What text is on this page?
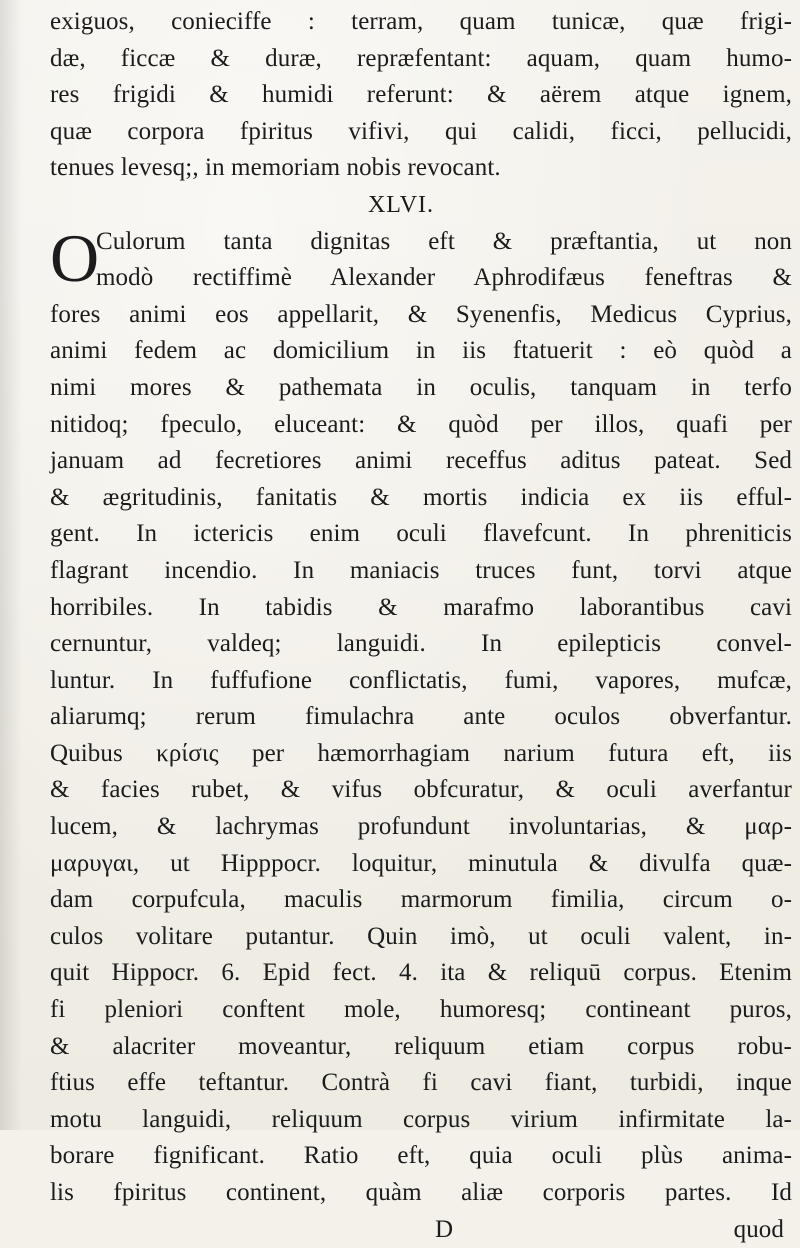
exiguos, conieciffe : terram, quam tunicæ, quæ frigi-
dæ, ficcæ & duræ, repræfentant: aquam, quam humo-
res frigidi & humidi referunt: & aërem atque ignem,
quæ corpora fpiritus vifivi, qui calidi, ficci, pellucidi,
tenues levesq;, in memoriam nobis revocant.
XLVI.
O
Culorum tanta dignitas eft & præftantia, ut non
modò rectiffimè Alexander Aphrodifæus feneftras &
fores animi eos appellarit, & Syenenfis, Medicus Cyprius,
animi fedem ac domicilium in iis ftatuerit : eò quòd a
nimi mores & pathemata in oculis, tanquam in terfo
nitidoq; fpeculo, eluceant: & quòd per illos, quafi per
januam ad fecretiores animi receffus aditus pateat. Sed
& ægritudinis, fanitatis & mortis indicia ex iis efful-
gent. In ictericis enim oculi flavefcunt. In phreniticis
flagrant incendio. In maniacis truces funt, torvi atque
horribiles. In tabidis & marafmo laborantibus cavi
cernuntur, valdeq; languidi. In epilepticis convel-
luntur. In fuffufione conflictatis, fumi, vapores, mufcæ,
aliarumq; rerum fimulachra ante oculos obverfantur.
Quibus κρίσις per hæmorrhagiam narium futura eft, iis
& facies rubet, & vifus obfcuratur, & oculi averfantur
lucem, & lachrymas profundunt involuntarias, & μαρ-
μαρυγαι, ut Hipppocr. loquitur, minutula & divulfa quæ-
dam corpufcula, maculis marmorum fimilia, circum o-
culos volitare putantur. Quin imò, ut oculi valent, in-
quit Hippocr. 6. Epid fect. 4. ita & reliquū corpus. Etenim
fi pleniori conftent mole, humoresq; contineant puros,
& alacriter moveantur, reliquum etiam corpus robu-
ftius effe teftantur. Contrà fi cavi fiant, turbidi, inque
motu languidi, reliquum corpus virium infirmitate la-
borare fignificant. Ratio eft, quia oculi plùs anima-
lis fpiritus continent, quàm aliæ corporis partes. Id
D	quod
